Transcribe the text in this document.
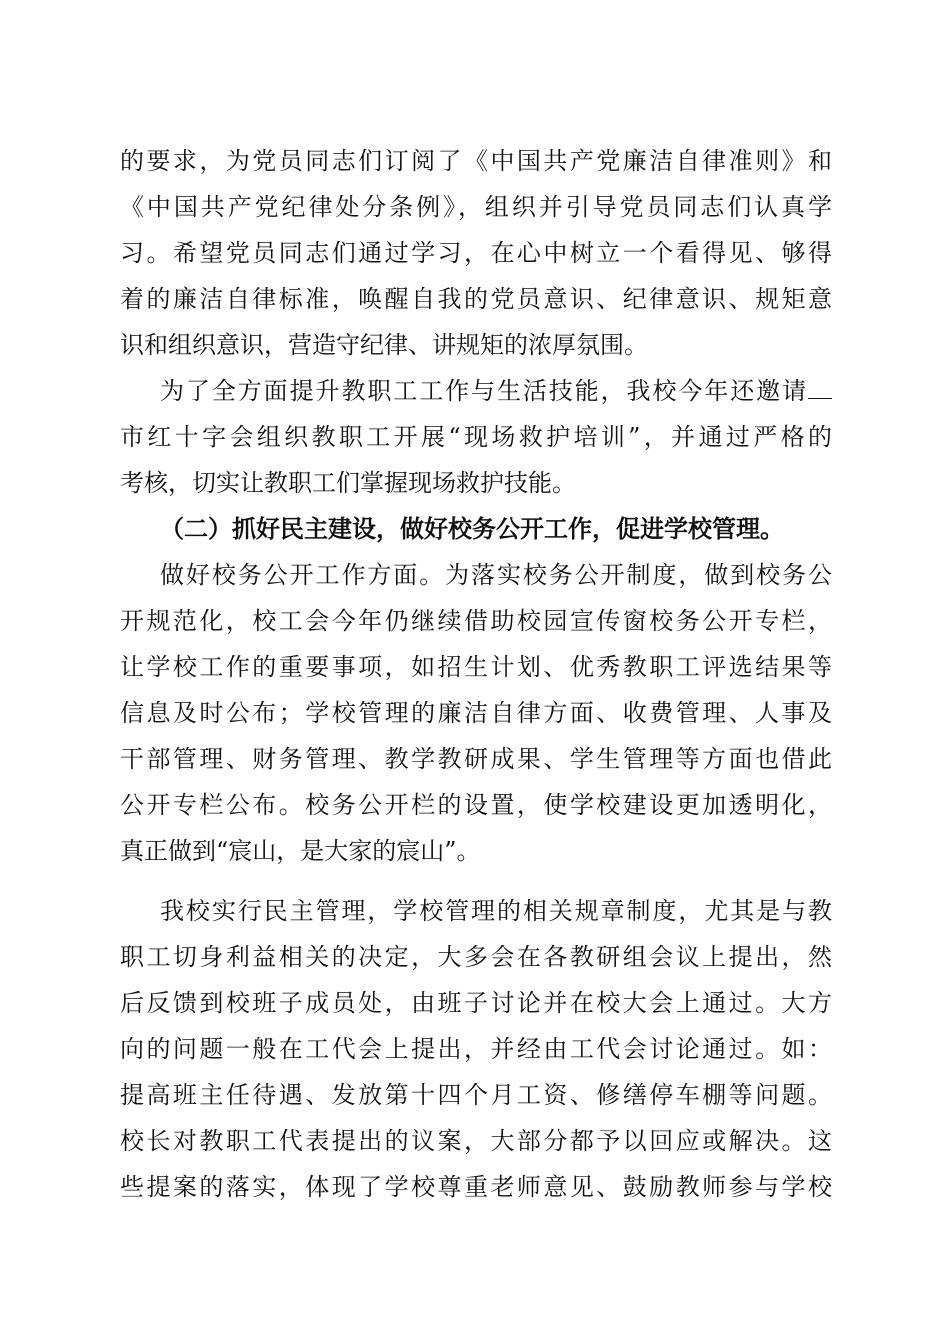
的要求，为党员同志们订阅了《中国共产党廉洁自律准则》和
《中国共产党纪律处分条例》，组织并引导党员同志们认真学
习。希望党员同志们通过学习，在心中树立一个看得见、够得
着的廉洁自律标准，唤醒自我的党员意识、纪律意识、规矩意
识和组织意识，营造守纪律、讲规矩的浓厚氛围。
为了全方面提升教职工工作与生活技能，我校今年还邀请
市红十字会组织教职工开展“现场救护培训”，并通过严格的
考核，切实让教职工们掌握现场救护技能。
（二）抓好民主建设，做好校务公开工作，促进学校管理。
做好校务公开工作方面。为落实校务公开制度，做到校务公
开规范化，校工会今年仍继续借助校园宣传窗校务公开专栏，
让学校工作的重要事项，如招生计划、优秀教职工评选结果等
信息及时公布；学校管理的廉洁自律方面、收费管理、人事及
干部管理、财务管理、教学教研成果、学生管理等方面也借此
公开专栏公布。校务公开栏的设置，使学校建设更加透明化，
真正做到“宸山，是大家的宸山”。
我校实行民主管理，学校管理的相关规章制度，尤其是与教
职工切身利益相关的决定，大多会在各教研组会议上提出，然
后反馈到校班子成员处，由班子讨论并在校大会上通过。大方
向的问题一般在工代会上提出，并经由工代会讨论通过。如：
提高班主任待遇、发放第十四个月工资、修缮停车棚等问题。
校长对教职工代表提出的议案，大部分都予以回应或解决。这
些提案的落实，体现了学校尊重老师意见、鼓励教师参与学校
